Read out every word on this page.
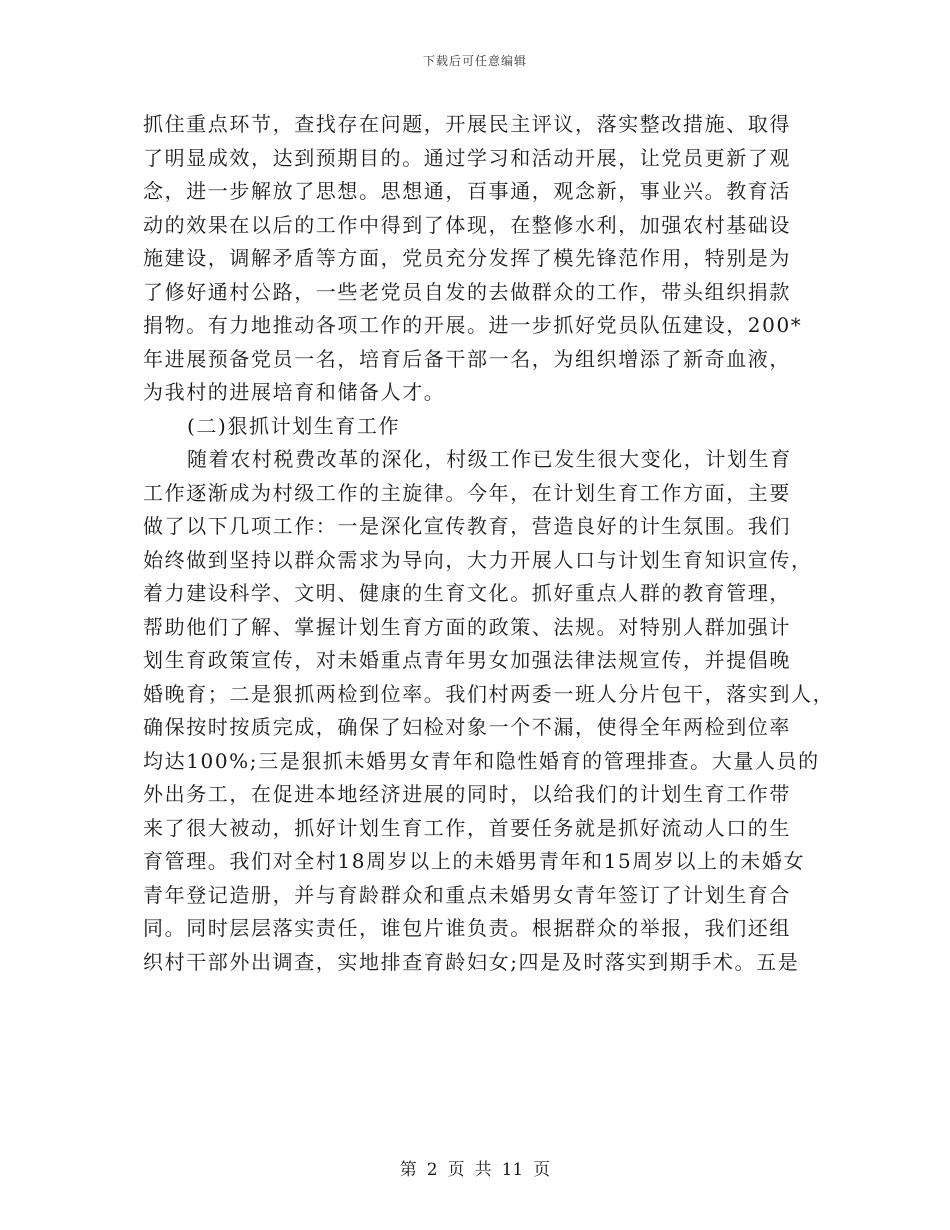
下载后可任意编辑
抓住重点环节，查找存在问题，开展民主评议，落实整改措施、取得
了明显成效，达到预期目的。通过学习和活动开展，让党员更新了观
念，进一步解放了思想。思想通，百事通，观念新，事业兴。教育活
动的效果在以后的工作中得到了体现，在整修水利，加强农村基础设
施建设，调解矛盾等方面，党员充分发挥了模先锋范作用，特别是为
了修好通村公路，一些老党员自发的去做群众的工作，带头组织捐款
捐物。有力地推动各项工作的开展。进一步抓好党员队伍建设，200*
年进展预备党员一名，培育后备干部一名，为组织增添了新奇血液，
为我村的进展培育和储备人才。
(二)狠抓计划生育工作
随着农村税费改革的深化，村级工作已发生很大变化，计划生育
工作逐渐成为村级工作的主旋律。今年，在计划生育工作方面，主要
做了以下几项工作：一是深化宣传教育，营造良好的计生氛围。我们
始终做到坚持以群众需求为导向，大力开展人口与计划生育知识宣传，
着力建设科学、文明、健康的生育文化。抓好重点人群的教育管理，
帮助他们了解、掌握计划生育方面的政策、法规。对特别人群加强计
划生育政策宣传，对未婚重点青年男女加强法律法规宣传，并提倡晚
婚晚育；二是狠抓两检到位率。我们村两委一班人分片包干，落实到人，
确保按时按质完成，确保了妇检对象一个不漏，使得全年两检到位率
均达100%;三是狠抓未婚男女青年和隐性婚育的管理排查。大量人员的
外出务工，在促进本地经济进展的同时，以给我们的计划生育工作带
来了很大被动，抓好计划生育工作，首要任务就是抓好流动人口的生
育管理。我们对全村18周岁以上的未婚男青年和15周岁以上的未婚女
青年登记造册，并与育龄群众和重点未婚男女青年签订了计划生育合
同。同时层层落实责任，谁包片谁负责。根据群众的举报，我们还组
织村干部外出调查，实地排查育龄妇女;四是及时落实到期手术。五是
第 2 页 共 11 页
